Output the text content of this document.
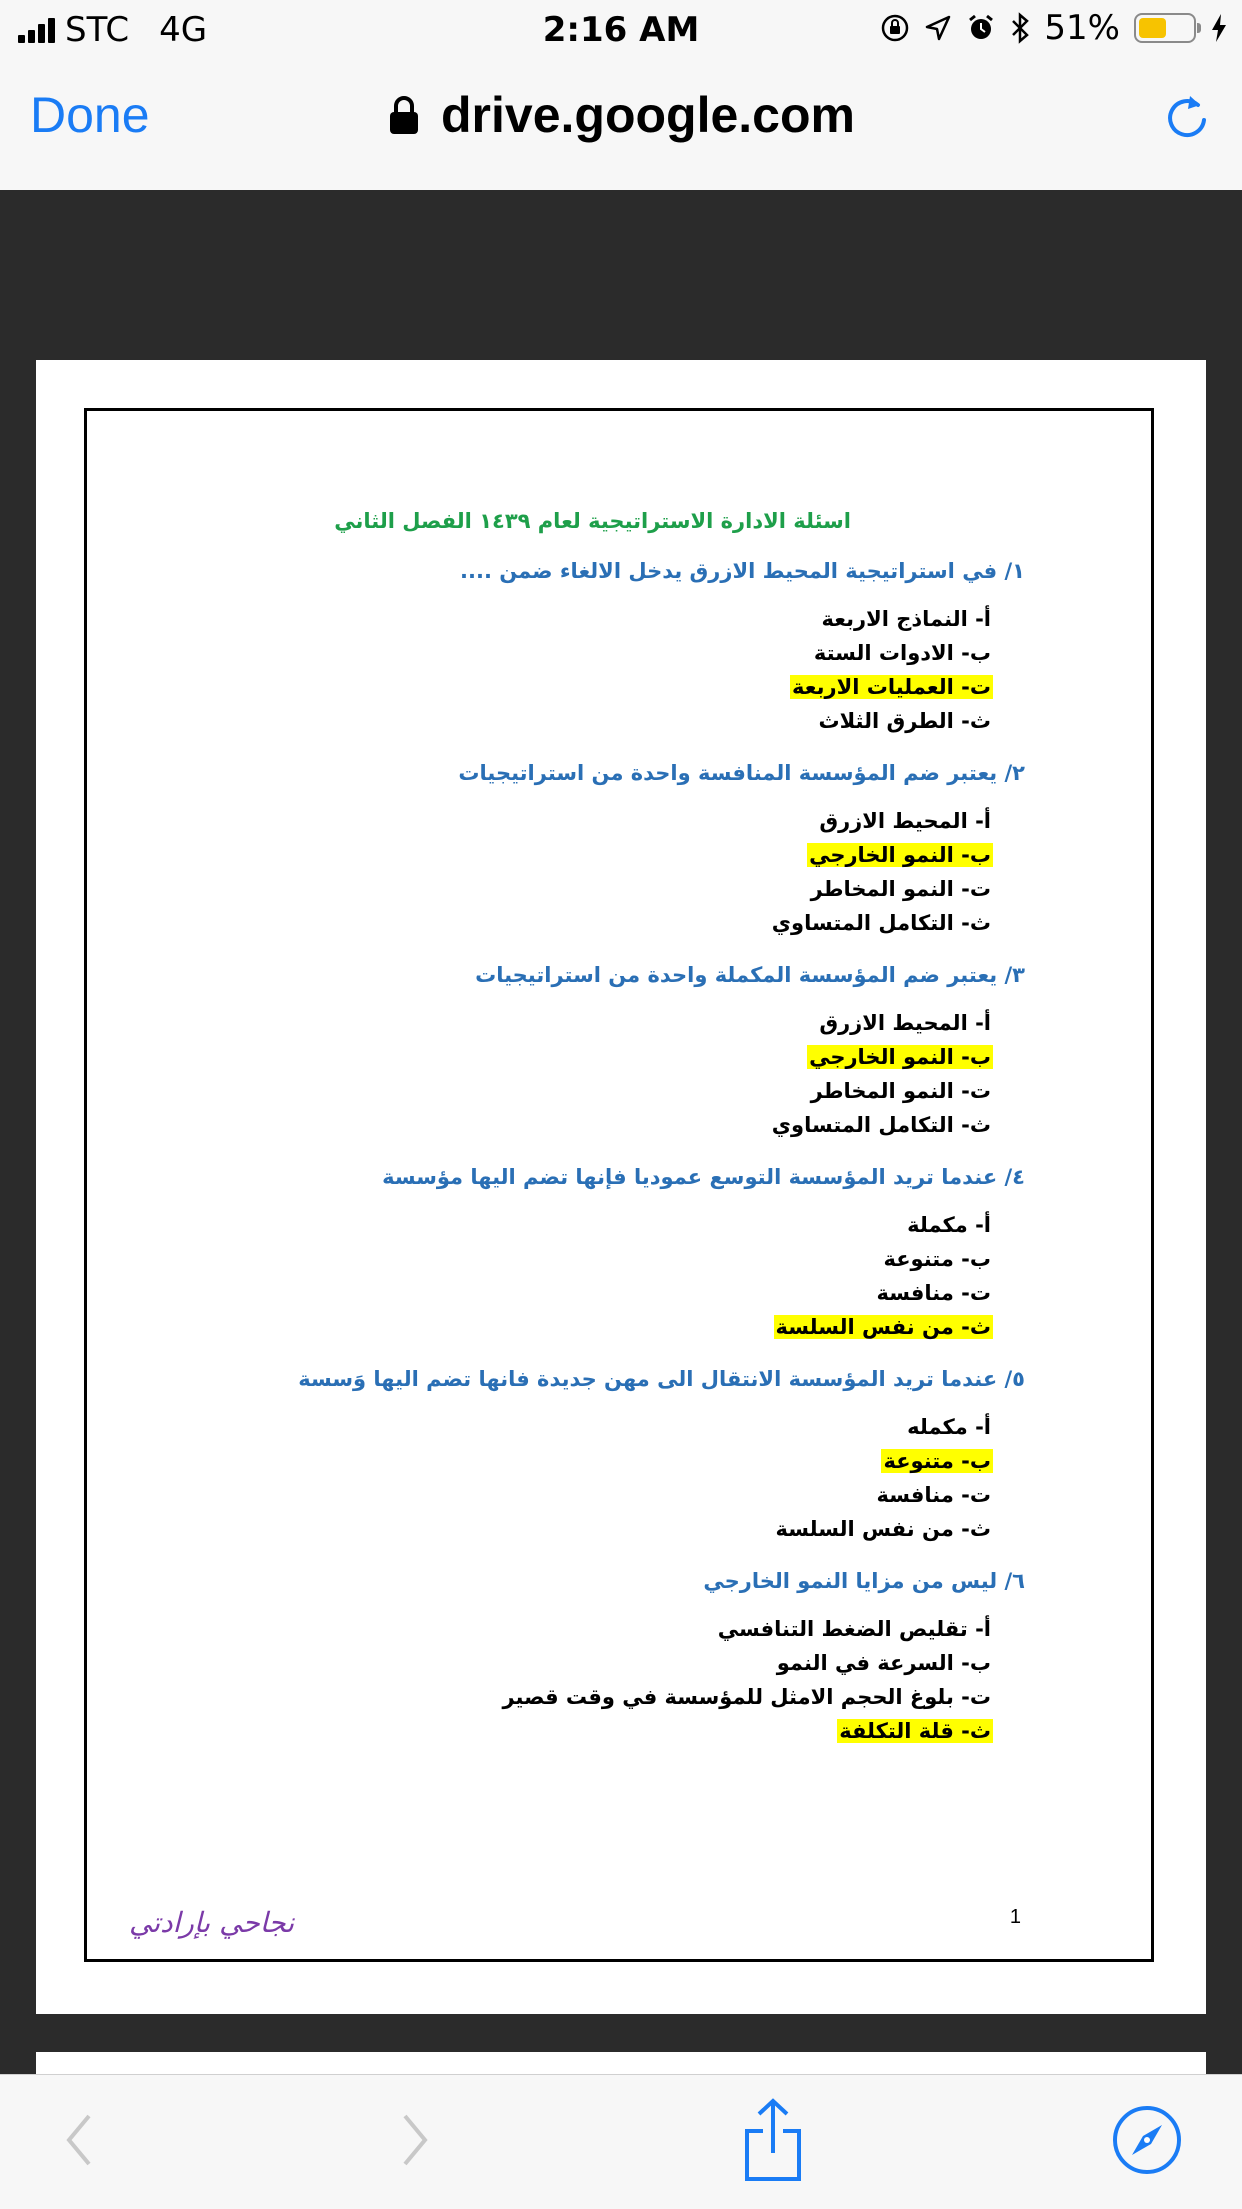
STC 4G	2:16 AM	51%
Done	drive.google.com
اسئلة الادارة الاستراتيجية لعام ١٤٣٩ الفصل الثاني
١/ في استراتيجية المحيط الازرق يدخل الالغاء ضمن ....
أ- النماذج الاربعة
ب- الادوات الستة
ت- العمليات الاربعة
ث- الطرق الثلاث
٢/ يعتبر ضم المؤسسة المنافسة واحدة من استراتيجيات
أ- المحيط الازرق
ب- النمو الخارجي
ت- النمو المخاطر
ث- التكامل المتساوي
٣/ يعتبر ضم المؤسسة المكملة واحدة من استراتيجيات
أ- المحيط الازرق
ب- النمو الخارجي
ت- النمو المخاطر
ث- التكامل المتساوي
٤/ عندما تريد المؤسسة التوسع عموديا فإنها تضم اليها مؤسسة
أ- مكملة
ب- متنوعة
ت- منافسة
ث- من نفس السلسة
٥/ عندما تريد المؤسسة الانتقال الى مهن جديدة فانها تضم اليها وَسسة
أ- مكمله
ب- متنوعة
ت- منافسة
ث- من نفس السلسة
٦/ ليس من مزايا النمو الخارجي
أ- تقليص الضغط التنافسي
ب- السرعة في النمو
ت- بلوغ الحجم الامثل للمؤسسة في وقت قصير
ث- قلة التكلفة
1
نجاحي بإرادتي
